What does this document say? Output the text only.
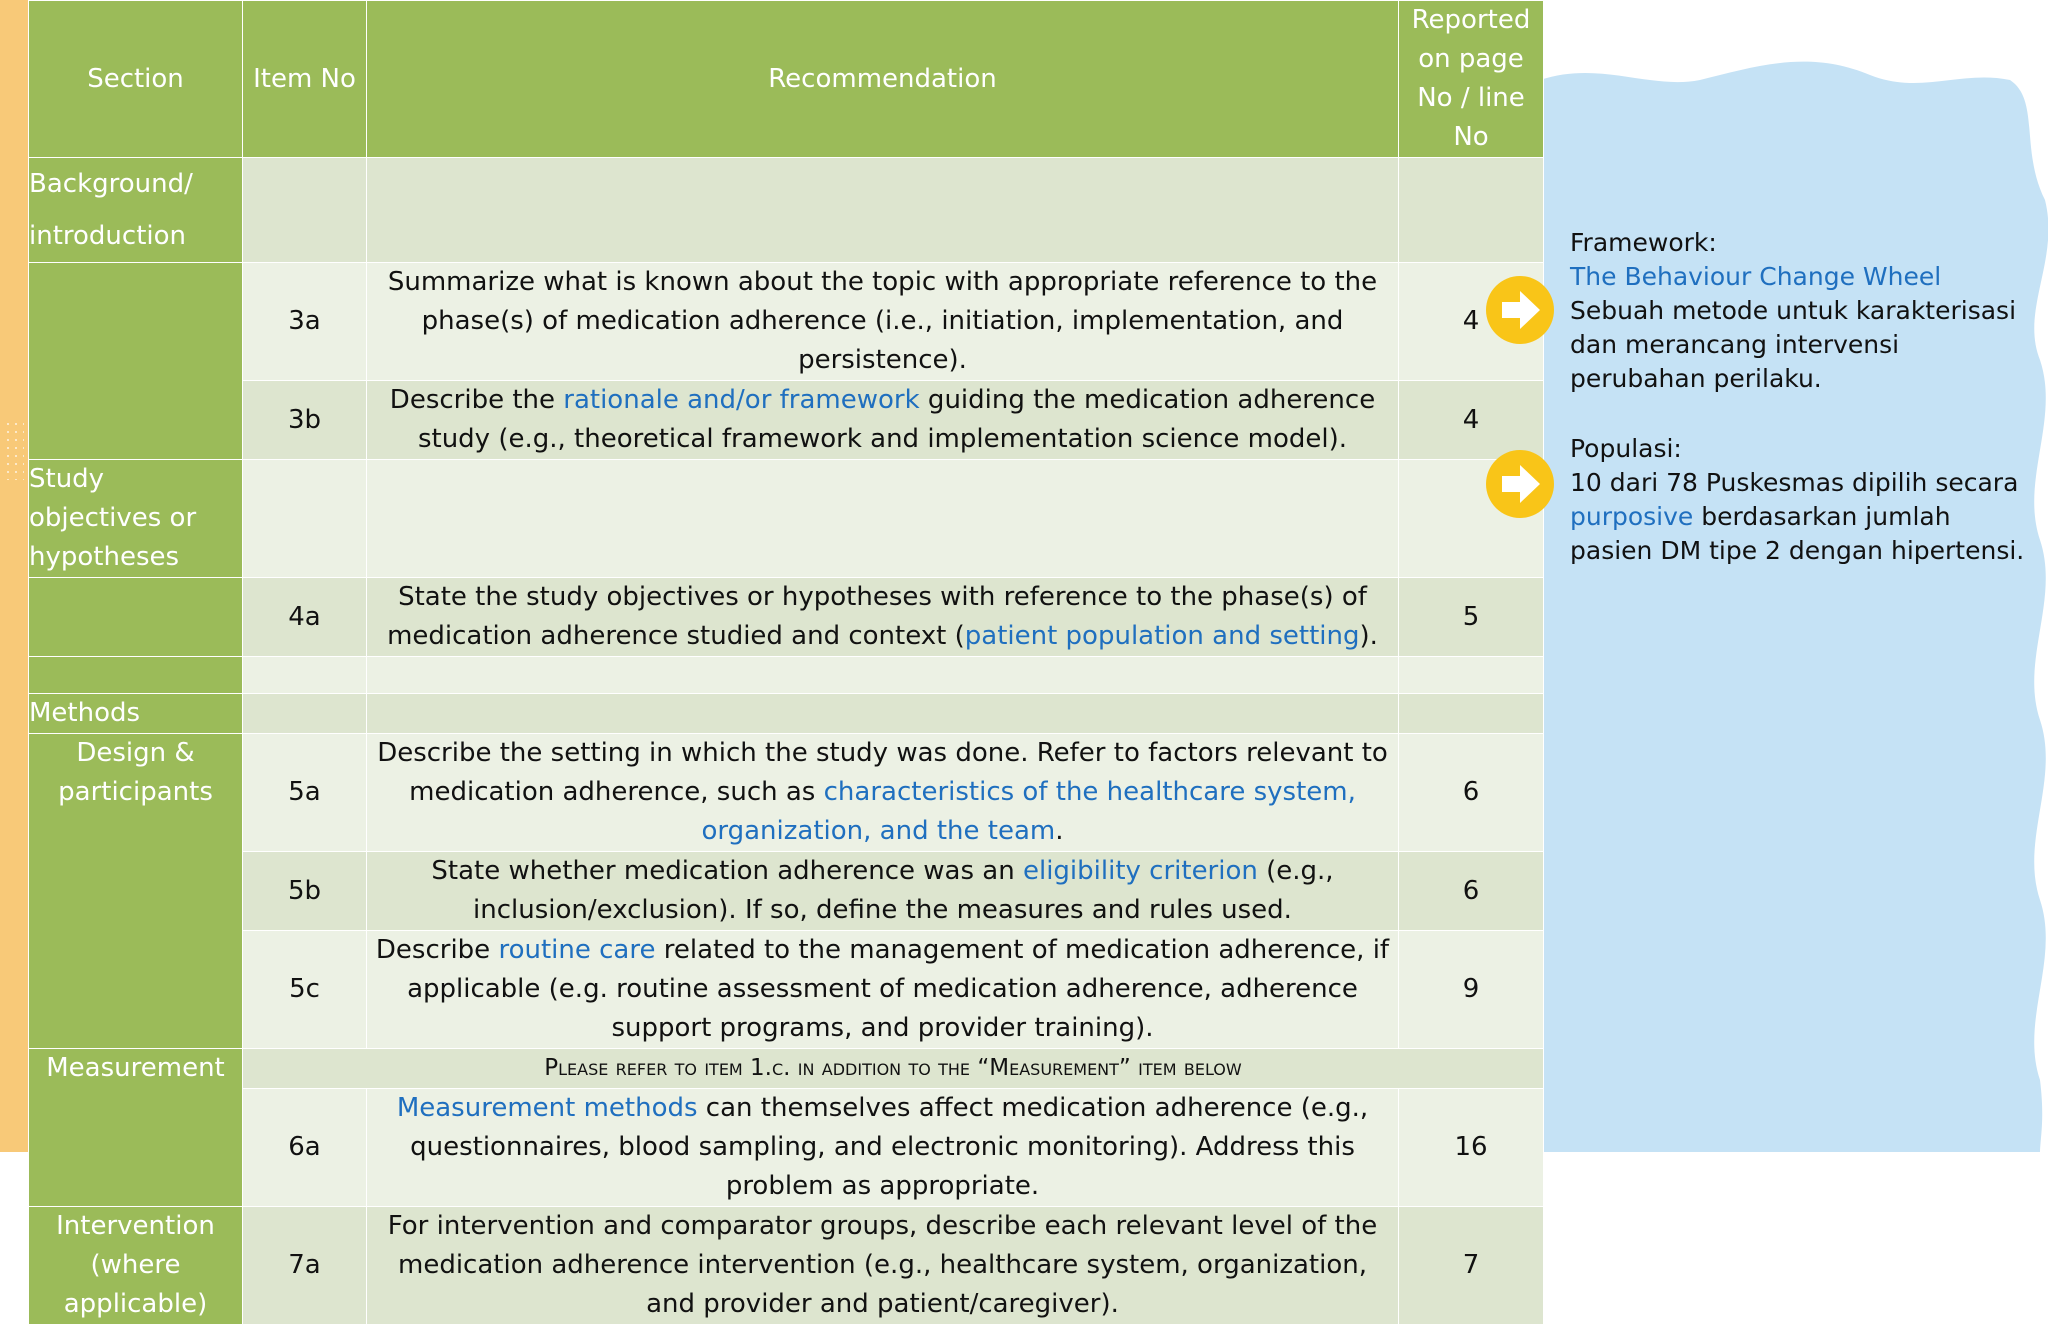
Section	Item No	Recommendation	Reported on page No / line No
Background/ introduction			
	3a	Summarize what is known about the topic with appropriate reference to the phase(s) of medication adherence (i.e., initiation, implementation, and persistence).	4
	3b	Describe the rationale and/or framework guiding the medication adherence study (e.g., theoretical framework and implementation science model).	4
Study objectives or hypotheses			
	4a	State the study objectives or hypotheses with reference to the phase(s) of medication adherence studied and context (patient population and setting).	5

Methods			
Design & participants	5a	Describe the setting in which the study was done. Refer to factors relevant to medication adherence, such as characteristics of the healthcare system, organization, and the team.	6
	5b	State whether medication adherence was an eligibility criterion (e.g., inclusion/exclusion). If so, define the measures and rules used.	6
	5c	Describe routine care related to the management of medication adherence, if applicable (e.g. routine assessment of medication adherence, adherence support programs, and provider training).	9
Measurement	Please refer to item 1.c. in addition to the “Measurement” item below		
	6a	Measurement methods can themselves affect medication adherence (e.g., questionnaires, blood sampling, and electronic monitoring). Address this problem as appropriate.	16
Intervention (where applicable)	7a	For intervention and comparator groups, describe each relevant level of the medication adherence intervention (e.g., healthcare system, organization, and provider and patient/caregiver).	7
Framework:
The Behaviour Change Wheel
Sebuah metode untuk karakterisasi dan merancang intervensi perubahan perilaku.
Populasi:
10 dari 78 Puskesmas dipilih secara purposive berdasarkan jumlah pasien DM tipe 2 dengan hipertensi.
